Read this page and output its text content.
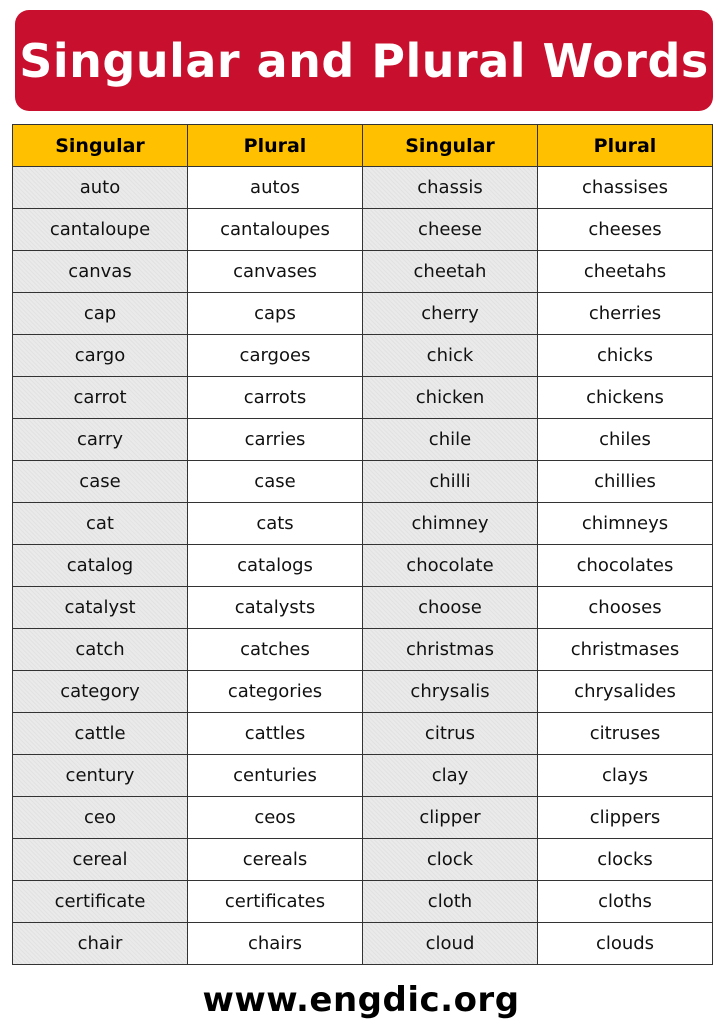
Singular and Plural Words
Singular	Plural	Singular	Plural
auto	autos	chassis	chassises
cantaloupe	cantaloupes	cheese	cheeses
canvas	canvases	cheetah	cheetahs
cap	caps	cherry	cherries
cargo	cargoes	chick	chicks
carrot	carrots	chicken	chickens
carry	carries	chile	chiles
case	case	chilli	chillies
cat	cats	chimney	chimneys
catalog	catalogs	chocolate	chocolates
catalyst	catalysts	choose	chooses
catch	catches	christmas	christmases
category	categories	chrysalis	chrysalides
cattle	cattles	citrus	citruses
century	centuries	clay	clays
ceo	ceos	clipper	clippers
cereal	cereals	clock	clocks
certificate	certificates	cloth	cloths
chair	chairs	cloud	clouds
www.engdic.org
